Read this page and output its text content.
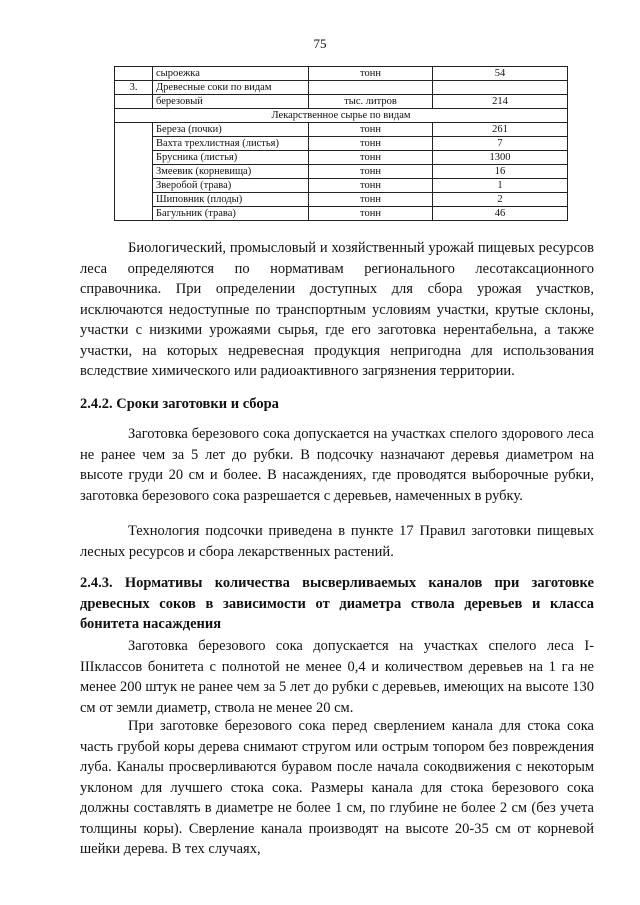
75
	сыроежка	тонн	54
3.	Древесные соки по видам		
	березовый	тыс. литров	214
Лекарственное сырье по видам			
	Береза (почки)	тонн	261
	Вахта трехлистная (листья)	тонн	7
	Брусника (листья)	тонн	1300
	Змеевик (корневища)	тонн	16
	Зверобой (трава)	тонн	1
	Шиповник (плоды)	тонн	2
	Багульник (трава)	тонн	46

Биологический, промысловый и хозяйственный урожай пищевых ресурсов леса определяются по нормативам регионального лесотаксационного справочника. При определении доступных для сбора урожая участков, исключаются недоступные по транспортным условиям участки, крутые склоны, участки с низкими урожаями сырья, где его заготовка нерентабельна, а также участки, на которых недревесная продукция непригодна для использования вследствие химического или радиоактивного загрязнения территории.

2.4.2. Сроки заготовки и сбора

Заготовка березового сока допускается на участках спелого здорового леса не ранее чем за 5 лет до рубки. В подсочку назначают деревья диаметром на высоте груди 20 см и более. В насаждениях, где проводятся выборочные рубки, заготовка березового сока разрешается с деревьев, намеченных в рубку.

Технология подсочки приведена в пункте 17 Правил заготовки пищевых лесных ресурсов и сбора лекарственных растений.

2.4.3. Нормативы количества высверливаемых каналов при заготовке древесных соков в зависимости от диаметра ствола деревьев и класса бонитета насаждения

Заготовка березового сока допускается на участках спелого леса I-IIIклассов бонитета с полнотой не менее 0,4 и количеством деревьев на 1 га не менее 200 штук не ранее чем за 5 лет до рубки с деревьев, имеющих на высоте 130 см от земли диаметр, ствола не менее 20 см.

При заготовке березового сока перед сверлением канала для стока сока часть грубой коры дерева снимают стругом или острым топором без повреждения луба. Каналы просверливаются буравом после начала сокодвижения с некоторым уклоном для лучшего стока сока. Размеры канала для стока березового сока должны составлять в диаметре не более 1 см, по глубине не более 2 см (без учета толщины коры). Сверление канала производят на высоте 20-35 см от корневой шейки дерева. В тех случаях,
